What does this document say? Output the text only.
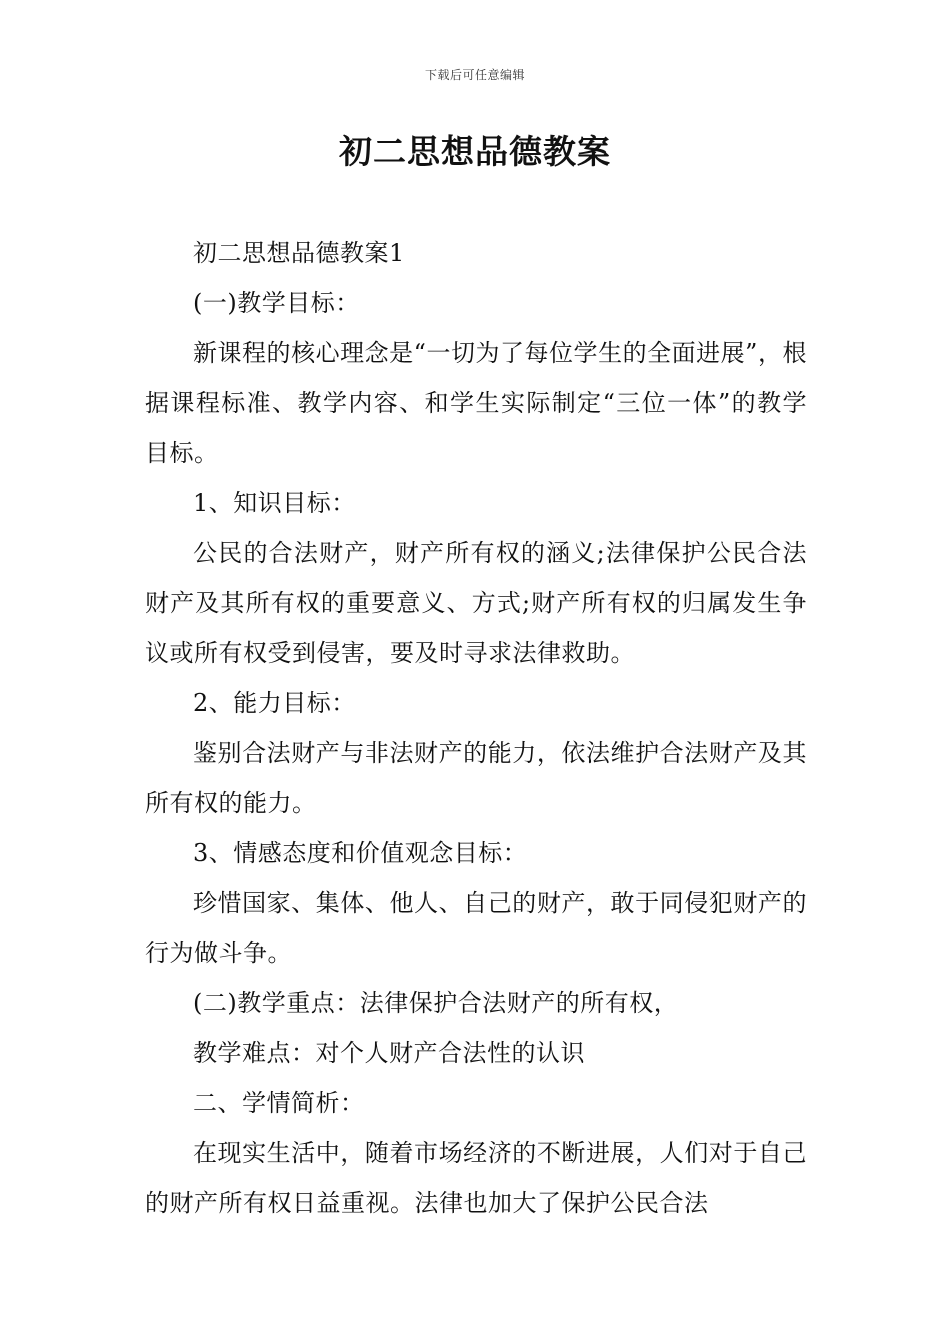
下载后可任意编辑
初二思想品德教案

初二思想品德教案1

(一)教学目标：

新课程的核心理念是“一切为了每位学生的全面进展”，根据课程标准、教学内容、和学生实际制定“三位一体”的教学目标。

1、知识目标：

公民的合法财产，财产所有权的涵义;法律保护公民合法财产及其所有权的重要意义、方式;财产所有权的归属发生争议或所有权受到侵害，要及时寻求法律救助。

2、能力目标：

鉴别合法财产与非法财产的能力，依法维护合法财产及其所有权的能力。

3、情感态度和价值观念目标：

珍惜国家、集体、他人、自己的财产，敢于同侵犯财产的行为做斗争。

(二)教学重点：法律保护合法财产的所有权，

教学难点：对个人财产合法性的认识

二、学情简析：

在现实生活中，随着市场经济的不断进展，人们对于自己的财产所有权日益重视。法律也加大了保护公民合法
